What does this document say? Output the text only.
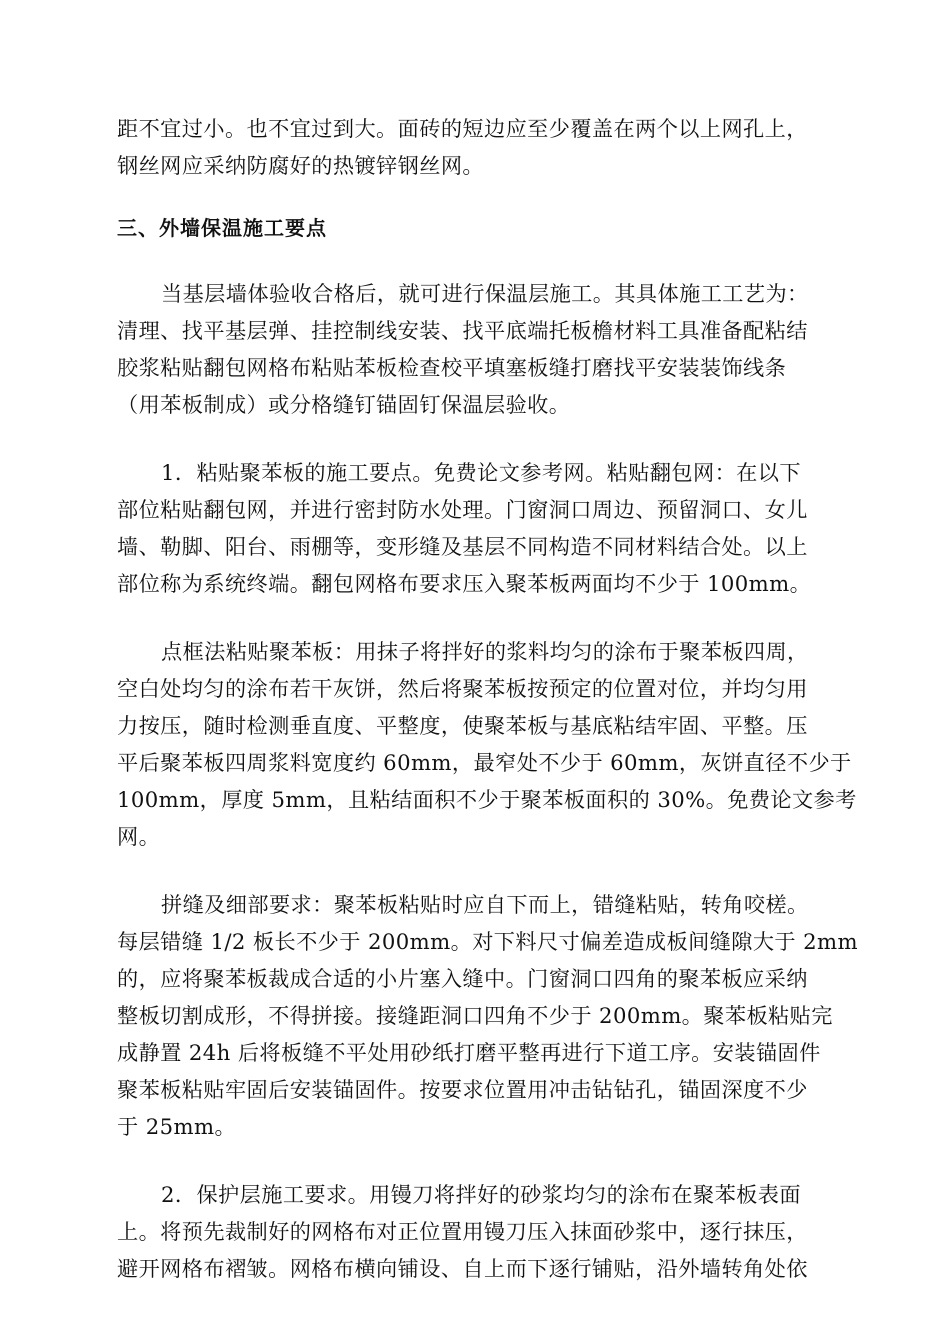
距不宜过小。也不宜过到大。面砖的短边应至少覆盖在两个以上网孔上，
钢丝网应采纳防腐好的热镀锌钢丝网。

三、外墙保温施工要点

当基层墙体验收合格后，就可进行保温层施工。其具体施工工艺为：
清理、找平基层弹、挂控制线安装、找平底端托板檐材料工具准备配粘结
胶浆粘贴翻包网格布粘贴苯板检查校平填塞板缝打磨找平安装装饰线条
（用苯板制成）或分格缝钉锚固钉保温层验收。

1．粘贴聚苯板的施工要点。免费论文参考网。粘贴翻包网：在以下
部位粘贴翻包网，并进行密封防水处理。门窗洞口周边、预留洞口、女儿
墙、勒脚、阳台、雨棚等，变形缝及基层不同构造不同材料结合处。以上
部位称为系统终端。翻包网格布要求压入聚苯板两面均不少于 100mm。

点框法粘贴聚苯板：用抹子将拌好的浆料均匀的涂布于聚苯板四周，
空白处均匀的涂布若干灰饼，然后将聚苯板按预定的位置对位，并均匀用
力按压，随时检测垂直度、平整度，使聚苯板与基底粘结牢固、平整。压
平后聚苯板四周浆料宽度约 60mm，最窄处不少于 60mm，灰饼直径不少于
100mm，厚度 5mm，且粘结面积不少于聚苯板面积的 30%。免费论文参考
网。

拼缝及细部要求：聚苯板粘贴时应自下而上，错缝粘贴，转角咬槎。
每层错缝 1/2 板长不少于 200mm。对下料尺寸偏差造成板间缝隙大于 2mm
的，应将聚苯板裁成合适的小片塞入缝中。门窗洞口四角的聚苯板应采纳
整板切割成形，不得拼接。接缝距洞口四角不少于 200mm。聚苯板粘贴完
成静置 24h 后将板缝不平处用砂纸打磨平整再进行下道工序。安装锚固件
聚苯板粘贴牢固后安装锚固件。按要求位置用冲击钻钻孔，锚固深度不少
于 25mm。

2．保护层施工要求。用镘刀将拌好的砂浆均匀的涂布在聚苯板表面
上。将预先裁制好的网格布对正位置用镘刀压入抹面砂浆中，逐行抹压，
避开网格布褶皱。网格布横向铺设、自上而下逐行铺贴，沿外墙转角处依
